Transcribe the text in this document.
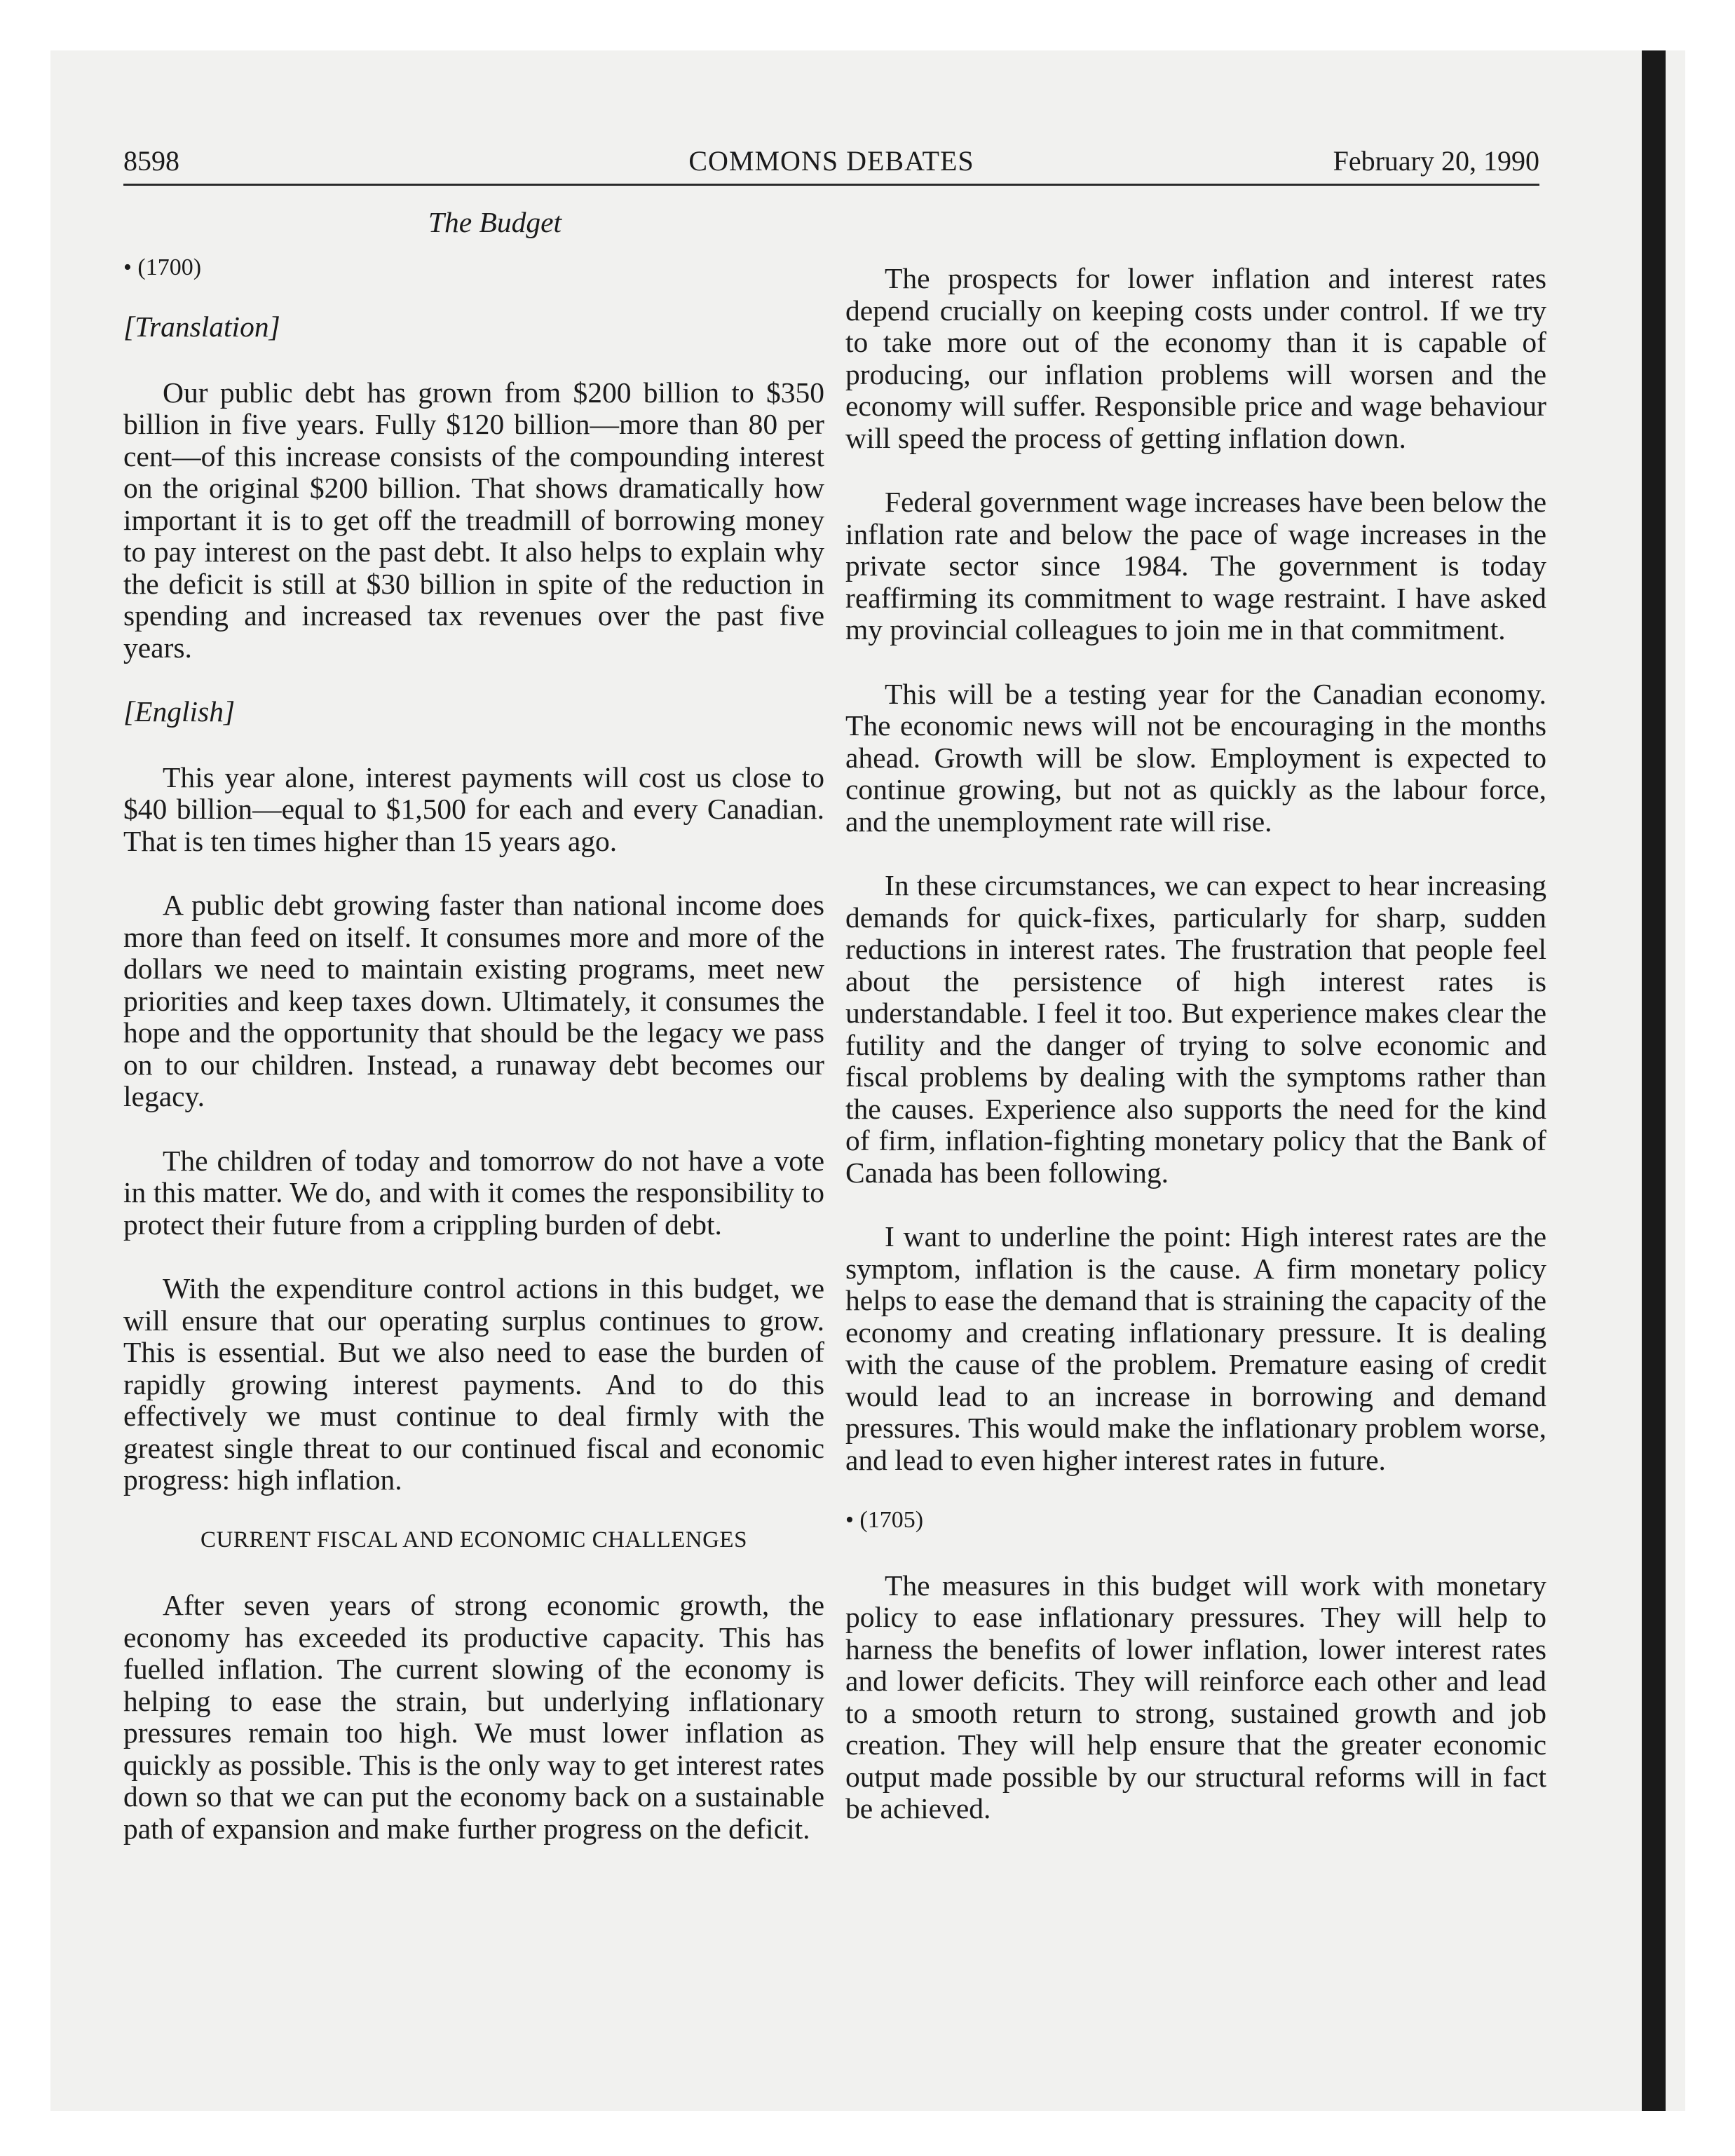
8598	COMMONS DEBATES	February 20, 1990
The Budget
• (1700)
[Translation]

Our public debt has grown from $200 billion to $350 billion in five years. Fully $120 billion—more than 80 per cent—of this increase consists of the compounding interest on the original $200 billion. That shows dramatically how important it is to get off the treadmill of borrowing money to pay interest on the past debt. It also helps to explain why the deficit is still at $30 billion in spite of the reduction in spending and increased tax revenues over the past five years.

[English]

This year alone, interest payments will cost us close to $40 billion—equal to $1,500 for each and every Canadian. That is ten times higher than 15 years ago.

A public debt growing faster than national income does more than feed on itself. It consumes more and more of the dollars we need to maintain existing programs, meet new priorities and keep taxes down. Ultimately, it consumes the hope and the opportunity that should be the legacy we pass on to our children. Instead, a runaway debt becomes our legacy.

The children of today and tomorrow do not have a vote in this matter. We do, and with it comes the responsibility to protect their future from a crippling burden of debt.

With the expenditure control actions in this budget, we will ensure that our operating surplus continues to grow. This is essential. But we also need to ease the burden of rapidly growing interest payments. And to do this effectively we must continue to deal firmly with the greatest single threat to our continued fiscal and economic progress: high inflation.

CURRENT FISCAL AND ECONOMIC CHALLENGES

After seven years of strong economic growth, the economy has exceeded its productive capacity. This has fuelled inflation. The current slowing of the economy is helping to ease the strain, but underlying inflationary pressures remain too high. We must lower inflation as quickly as possible. This is the only way to get interest rates down so that we can put the economy back on a sustainable path of expansion and make further progress on the deficit.

The prospects for lower inflation and interest rates depend crucially on keeping costs under control. If we try to take more out of the economy than it is capable of producing, our inflation problems will worsen and the economy will suffer. Responsible price and wage behaviour will speed the process of getting inflation down.

Federal government wage increases have been below the inflation rate and below the pace of wage increases in the private sector since 1984. The government is today reaffirming its commitment to wage restraint. I have asked my provincial colleagues to join me in that commitment.

This will be a testing year for the Canadian economy. The economic news will not be encouraging in the months ahead. Growth will be slow. Employment is expected to continue growing, but not as quickly as the labour force, and the unemployment rate will rise.

In these circumstances, we can expect to hear increasing demands for quick-fixes, particularly for sharp, sudden reductions in interest rates. The frustration that people feel about the persistence of high interest rates is understandable. I feel it too. But experience makes clear the futility and the danger of trying to solve economic and fiscal problems by dealing with the symptoms rather than the causes. Experience also supports the need for the kind of firm, inflation-fighting monetary policy that the Bank of Canada has been following.

I want to underline the point: High interest rates are the symptom, inflation is the cause. A firm monetary policy helps to ease the demand that is straining the capacity of the economy and creating inflationary pressure. It is dealing with the cause of the problem. Premature easing of credit would lead to an increase in borrowing and demand pressures. This would make the inflationary problem worse, and lead to even higher interest rates in future.

• (1705)

The measures in this budget will work with monetary policy to ease inflationary pressures. They will help to harness the benefits of lower inflation, lower interest rates and lower deficits. They will reinforce each other and lead to a smooth return to strong, sustained growth and job creation. They will help ensure that the greater economic output made possible by our structural reforms will in fact be achieved.
